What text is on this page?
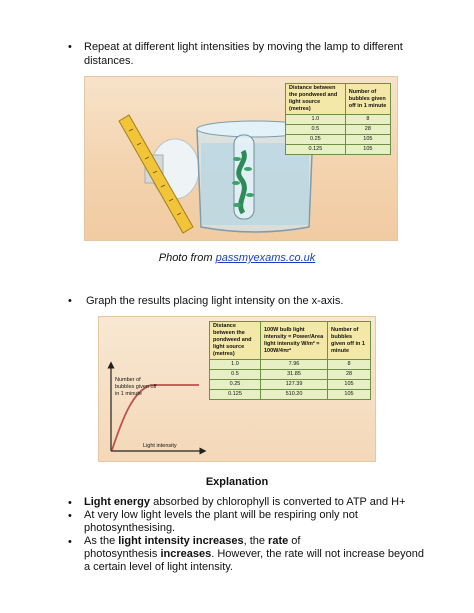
• Repeat at different light intensities by moving the lamp to different distances.
Distance between the pondweed and light source (metres)	Number of bubbles given off in 1 minute
1.0	8
0.5	28
0.25	105
0.125	105
Photo from passmyexams.co.uk
• Graph the results placing light intensity on the x-axis.
Distance between the pondweed and light source (metres)	100W bulb light intensity = Power/Area light intensity W/m² = 100W/4πr²	Number of bubbles given off in 1 minute
1.0	7.96	8
0.5	31.85	28
0.25	127.39	105
0.125	510.20	105
Number of bubbles given off in 1 minute
Light intensity
Explanation
• Light energy absorbed by chlorophyll is converted to ATP and H+
• At very low light levels the plant will be respiring only not photosynthesising.
• As the light intensity increases, the rate of
photosynthesis increases. However, the rate will not increase beyond
a certain level of light intensity.
